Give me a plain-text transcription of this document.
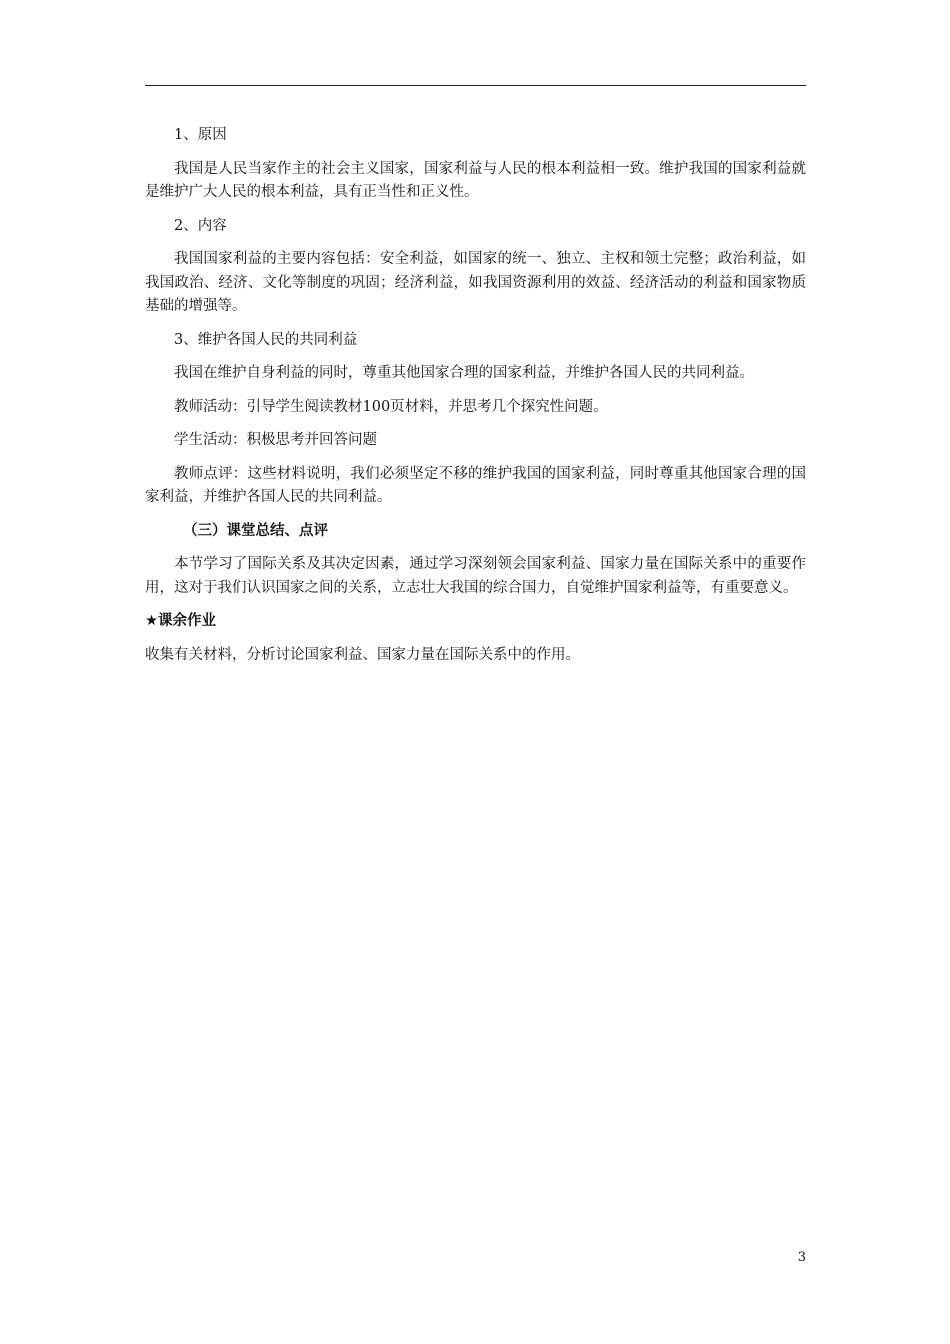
1、原因

我国是人民当家作主的社会主义国家，国家利益与人民的根本利益相一致。维护我国的国家利益就是维护广大人民的根本利益，具有正当性和正义性。

2、内容

我国国家利益的主要内容包括：安全利益，如国家的统一、独立、主权和领土完整；政治利益，如我国政治、经济、文化等制度的巩固；经济利益，如我国资源利用的效益、经济活动的利益和国家物质基础的增强等。

3、维护各国人民的共同利益

我国在维护自身利益的同时，尊重其他国家合理的国家利益，并维护各国人民的共同利益。

教师活动：引导学生阅读教材100页材料，并思考几个探究性问题。

学生活动：积极思考并回答问题

教师点评：这些材料说明，我们必须坚定不移的维护我国的国家利益，同时尊重其他国家合理的国家利益，并维护各国人民的共同利益。

（三）课堂总结、点评

本节学习了国际关系及其决定因素，通过学习深刻领会国家利益、国家力量在国际关系中的重要作用，这对于我们认识国家之间的关系，立志壮大我国的综合国力，自觉维护国家利益等，有重要意义。

★课余作业

收集有关材料，分析讨论国家利益、国家力量在国际关系中的作用。

3
